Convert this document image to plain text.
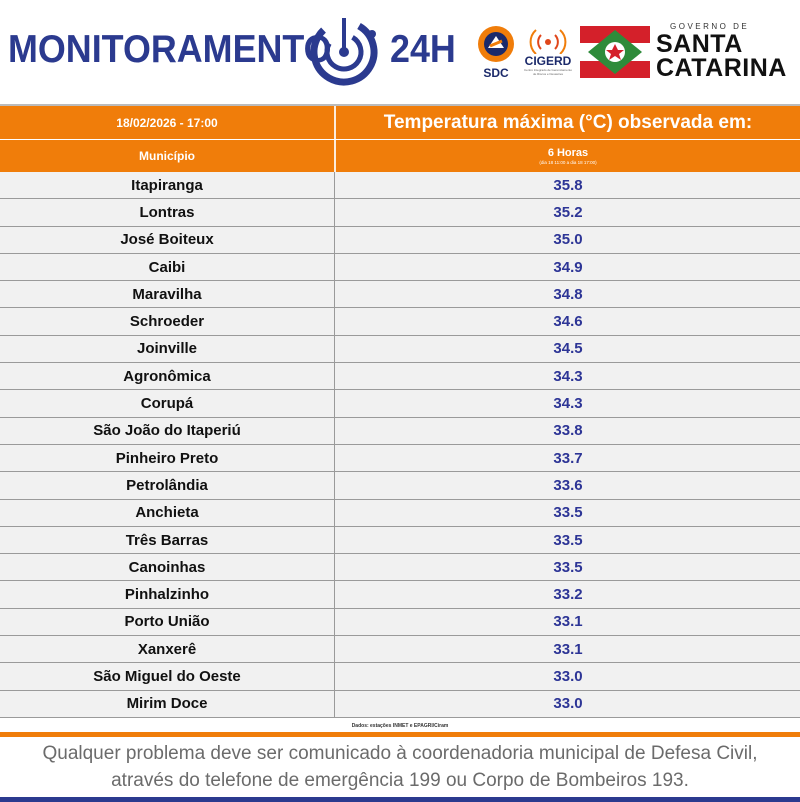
MONITORAMENTO 24H
SDC
CIGERD
Centro Integrado de Gerenciamento de Riscos e Desastres
GOVERNO DE
SANTA
CATARINA
18/02/2026 - 17:00	Temperatura máxima (°C) observada em:
Município	6 Horas
(dia 18 11:00 a dia 18 17:00)
Itapiranga	35.8
Lontras	35.2
José Boiteux	35.0
Caibi	34.9
Maravilha	34.8
Schroeder	34.6
Joinville	34.5
Agronômica	34.3
Corupá	34.3
São João do Itaperiú	33.8
Pinheiro Preto	33.7
Petrolândia	33.6
Anchieta	33.5
Três Barras	33.5
Canoinhas	33.5
Pinhalzinho	33.2
Porto União	33.1
Xanxerê	33.1
São Miguel do Oeste	33.0
Mirim Doce	33.0
Dados: estações INMET e EPAGRI/Ciram
Qualquer problema deve ser comunicado à coordenadoria municipal de Defesa Civil,
através do telefone de emergência 199 ou Corpo de Bombeiros 193.
